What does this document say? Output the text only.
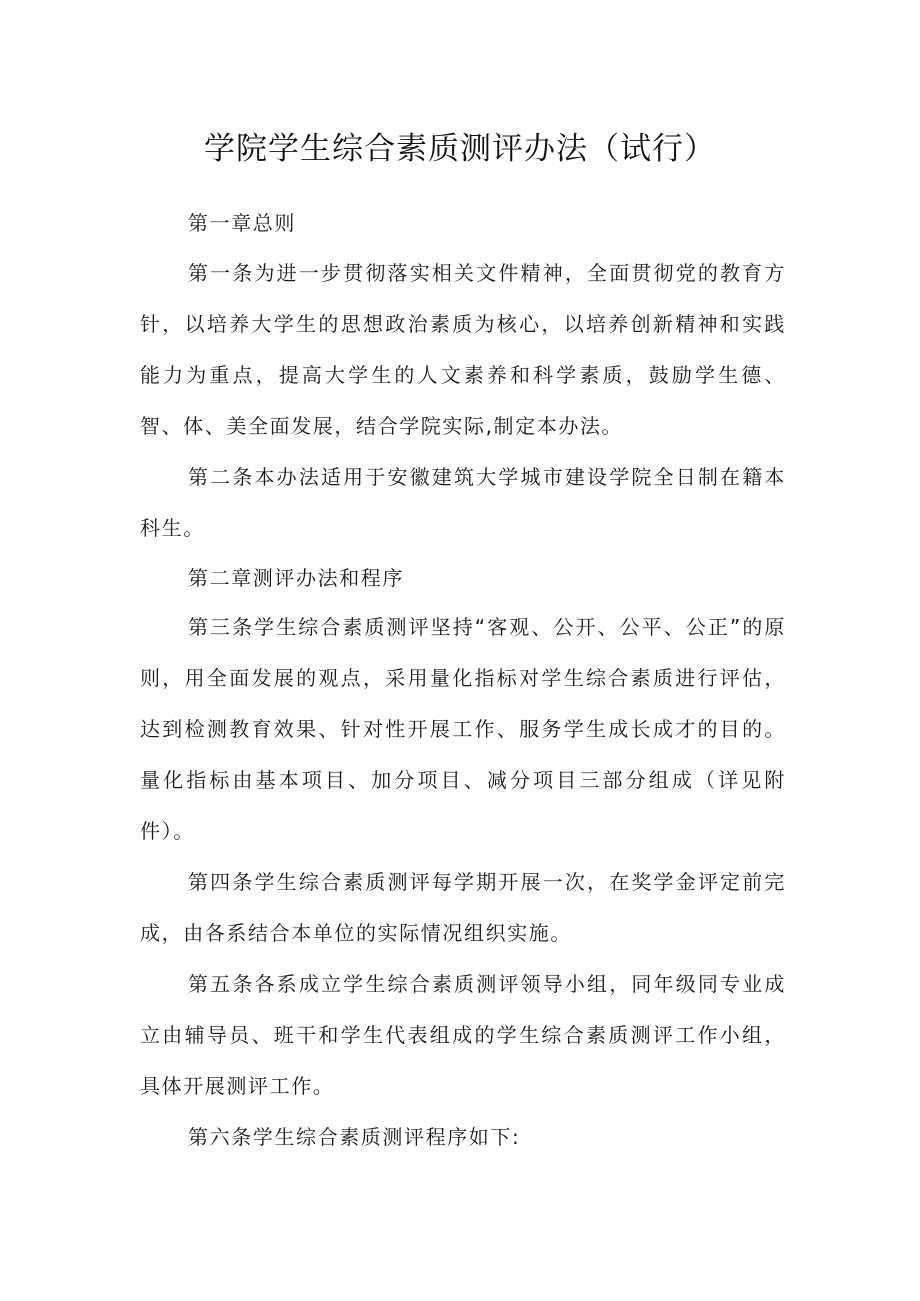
学院学生综合素质测评办法（试行）

第一章总则

第一条为进一步贯彻落实相关文件精神，全面贯彻党的教育方针，以培养大学生的思想政治素质为核心，以培养创新精神和实践能力为重点，提高大学生的人文素养和科学素质，鼓励学生德、智、体、美全面发展，结合学院实际,制定本办法。

第二条本办法适用于安徽建筑大学城市建设学院全日制在籍本科生。

第二章测评办法和程序

第三条学生综合素质测评坚持“客观、公开、公平、公正”的原则，用全面发展的观点，采用量化指标对学生综合素质进行评估，达到检测教育效果、针对性开展工作、服务学生成长成才的目的。量化指标由基本项目、加分项目、减分项目三部分组成（详见附件）。

第四条学生综合素质测评每学期开展一次，在奖学金评定前完成，由各系结合本单位的实际情况组织实施。

第五条各系成立学生综合素质测评领导小组，同年级同专业成立由辅导员、班干和学生代表组成的学生综合素质测评工作小组，具体开展测评工作。

第六条学生综合素质测评程序如下:
